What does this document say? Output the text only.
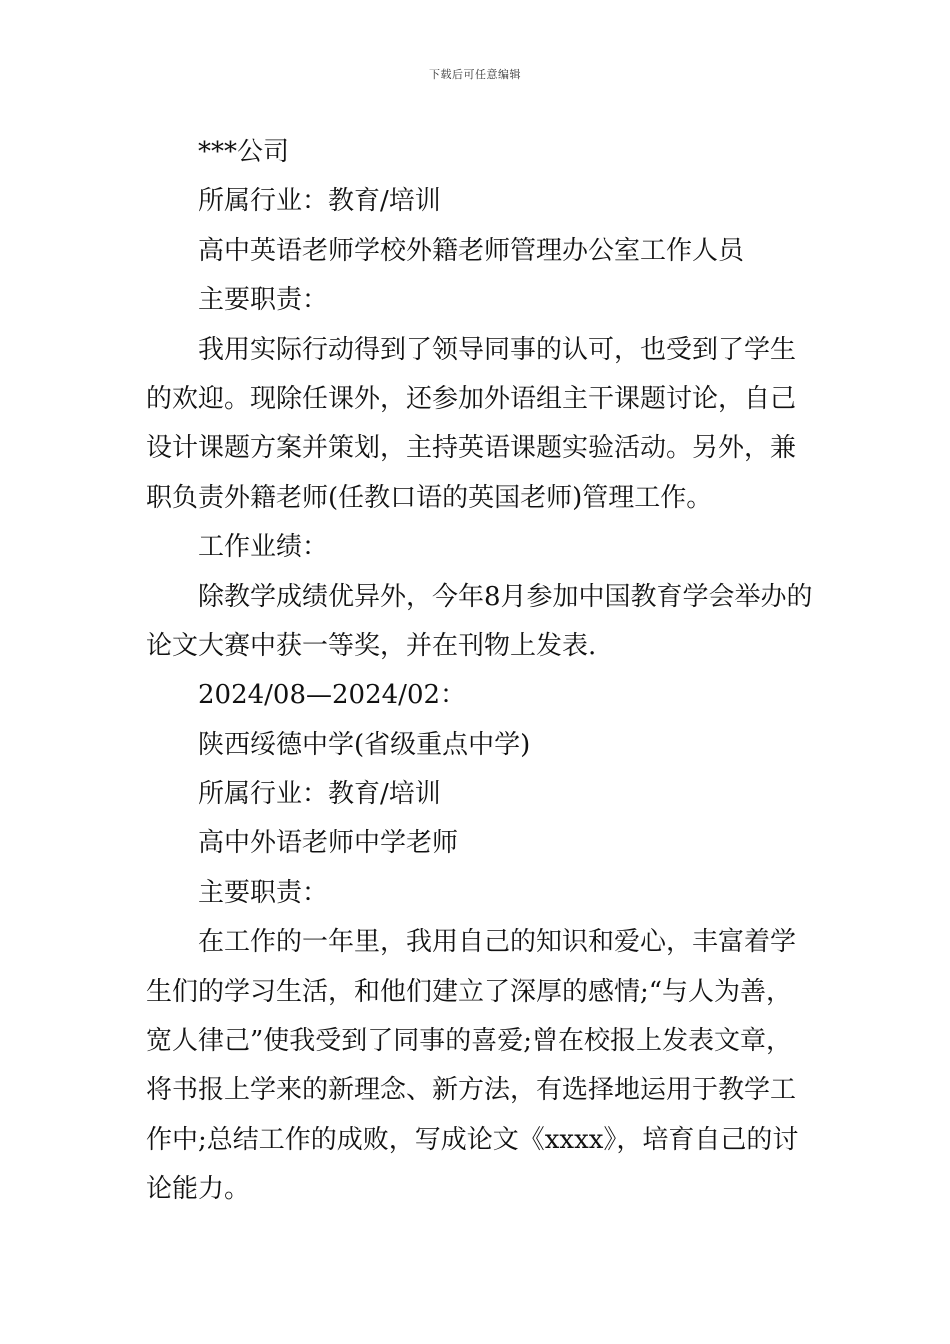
下载后可任意编辑

***公司

所属行业：教育/培训

高中英语老师学校外籍老师管理办公室工作人员

主要职责：

我用实际行动得到了领导同事的认可，也受到了学生

的欢迎。现除任课外，还参加外语组主干课题讨论，自己

设计课题方案并策划，主持英语课题实验活动。另外，兼

职负责外籍老师(任教口语的英国老师)管理工作。

工作业绩：

除教学成绩优异外，今年8月参加中国教育学会举办的

论文大赛中获一等奖，并在刊物上发表.

2024/08—2024/02：

陕西绥德中学(省级重点中学)

所属行业：教育/培训

高中外语老师中学老师

主要职责：

在工作的一年里，我用自己的知识和爱心，丰富着学

生们的学习生活，和他们建立了深厚的感情;“与人为善，

宽人律己”使我受到了同事的喜爱;曾在校报上发表文章，

将书报上学来的新理念、新方法，有选择地运用于教学工

作中;总结工作的成败，写成论文《xxxx》，培育自己的讨

论能力。
